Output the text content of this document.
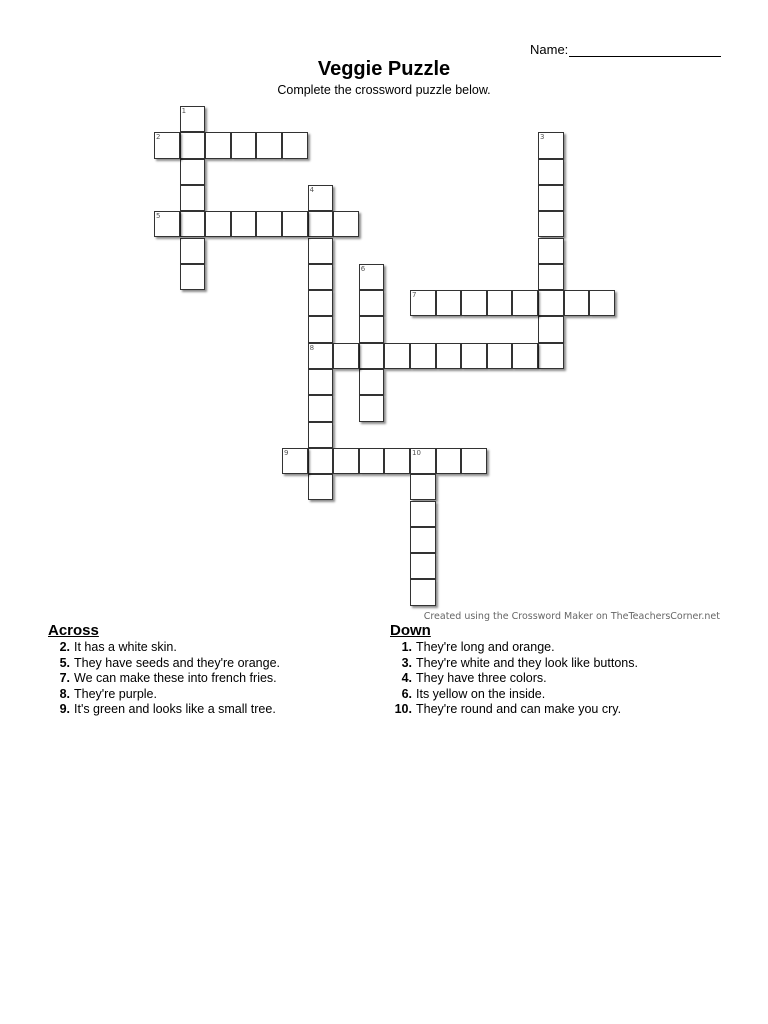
Name:
Veggie Puzzle
Complete the crossword puzzle below.
1
2	3
4
5
6
7
8
9	10
Created using the Crossword Maker on TheTeachersCorner.net
Across
2. It has a white skin.
5. They have seeds and they're orange.
7. We can make these into french fries.
8. They're purple.
9. It's green and looks like a small tree.
Down
1. They're long and orange.
3. They're white and they look like buttons.
4. They have three colors.
6. Its yellow on the inside.
10. They're round and can make you cry.
